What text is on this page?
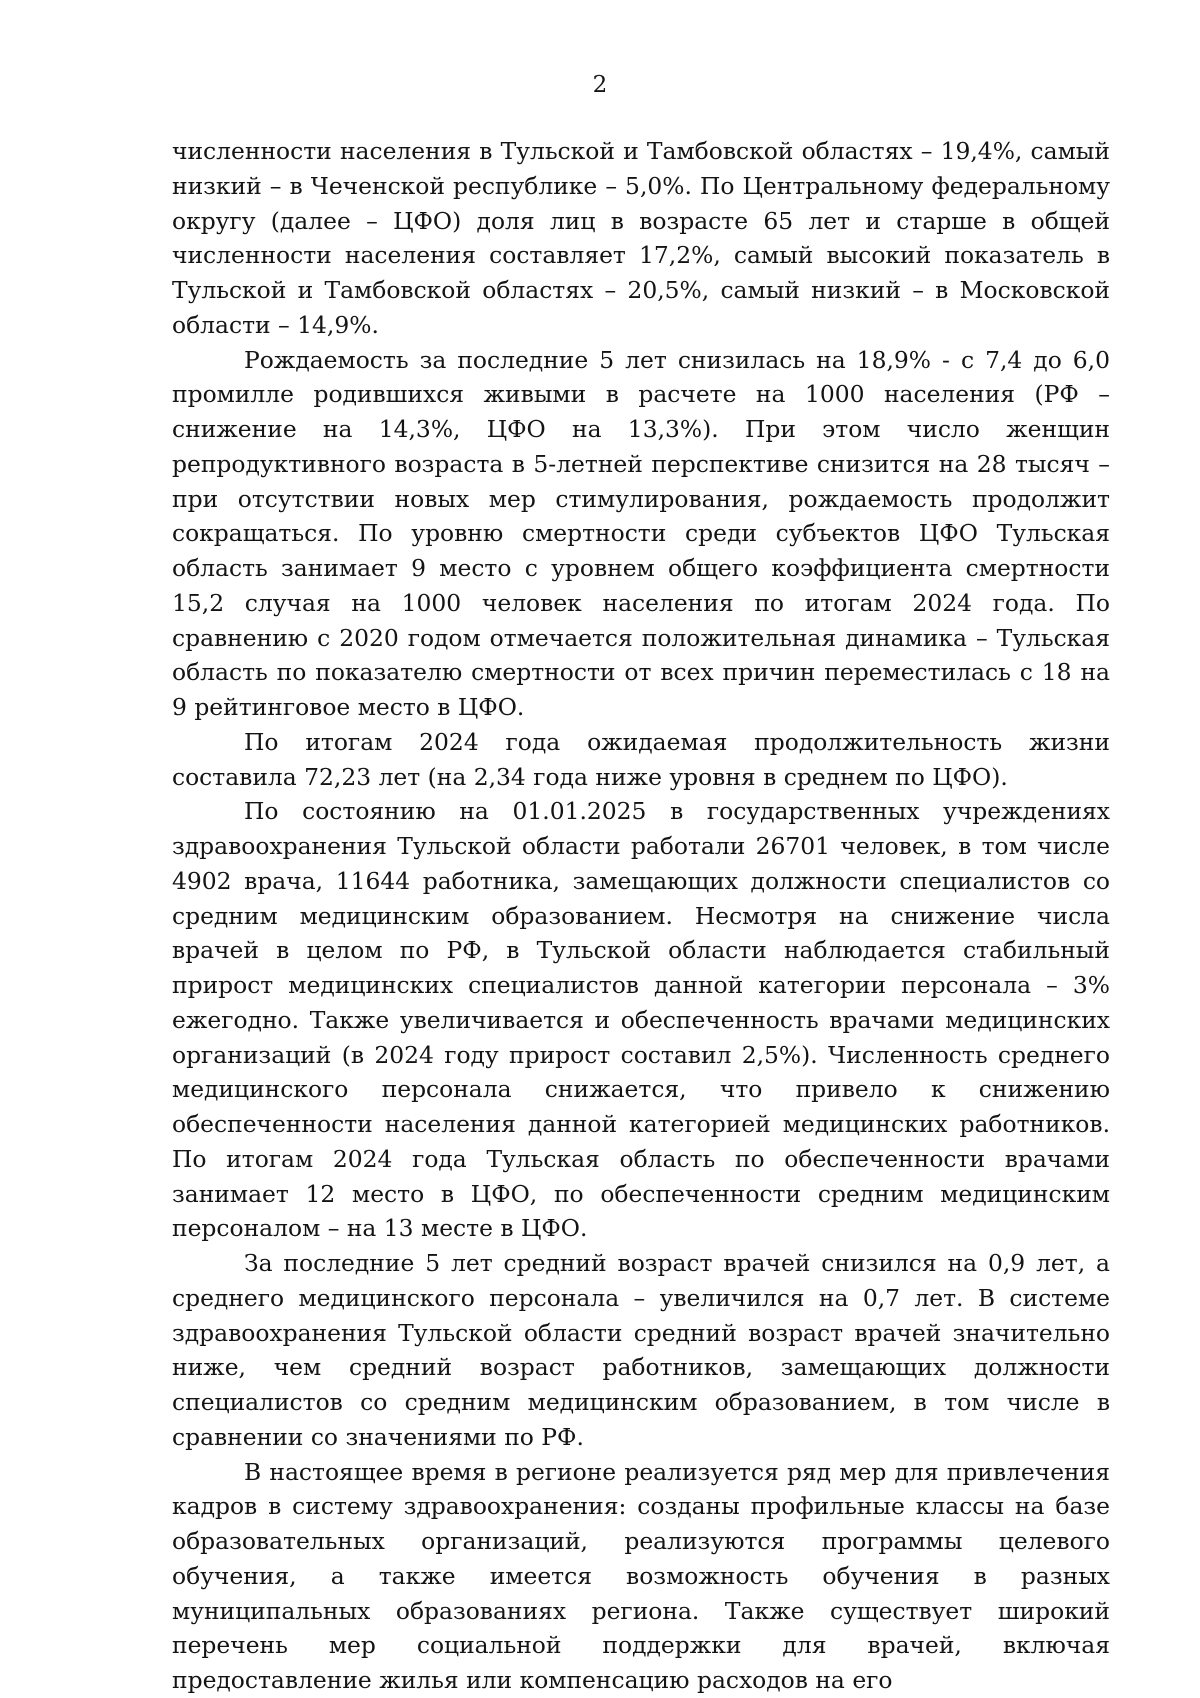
2

численности населения в Тульской и Тамбовской областях – 19,4%, самый низкий – в Чеченской республике – 5,0%. По Центральному федеральному округу (далее – ЦФО) доля лиц в возрасте 65 лет и старше в общей численности населения составляет 17,2%, самый высокий показатель в Тульской и Тамбовской областях – 20,5%, самый низкий – в Московской области – 14,9%.

Рождаемость за последние 5 лет снизилась на 18,9% - с 7,4 до 6,0 промилле родившихся живыми в расчете на 1000 населения (РФ – снижение на 14,3%, ЦФО на 13,3%). При этом число женщин репродуктивного возраста в 5-летней перспективе снизится на 28 тысяч – при отсутствии новых мер стимулирования, рождаемость продолжит сокращаться. По уровню смертности среди субъектов ЦФО Тульская область занимает 9 место с уровнем общего коэффициента смертности 15,2 случая на 1000 человек населения по итогам 2024 года. По сравнению с 2020 годом отмечается положительная динамика – Тульская область по показателю смертности от всех причин переместилась с 18 на 9 рейтинговое место в ЦФО.

По итогам 2024 года ожидаемая продолжительность жизни составила 72,23 лет (на 2,34 года ниже уровня в среднем по ЦФО).

По состоянию на 01.01.2025 в государственных учреждениях здравоохранения Тульской области работали 26701 человек, в том числе 4902 врача, 11644 работника, замещающих должности специалистов со средним медицинским образованием. Несмотря на снижение числа врачей в целом по РФ, в Тульской области наблюдается стабильный прирост медицинских специалистов данной категории персонала – 3% ежегодно. Также увеличивается и обеспеченность врачами медицинских организаций (в 2024 году прирост составил 2,5%). Численность среднего медицинского персонала снижается, что привело к снижению обеспеченности населения данной категорией медицинских работников. По итогам 2024 года Тульская область по обеспеченности врачами занимает 12 место в ЦФО, по обеспеченности средним медицинским персоналом – на 13 месте в ЦФО.

За последние 5 лет средний возраст врачей снизился на 0,9 лет, а среднего медицинского персонала – увеличился на 0,7 лет. В системе здравоохранения Тульской области средний возраст врачей значительно ниже, чем средний возраст работников, замещающих должности специалистов со средним медицинским образованием, в том числе в сравнении со значениями по РФ.

В настоящее время в регионе реализуется ряд мер для привлечения кадров в систему здравоохранения: созданы профильные классы на базе образовательных организаций, реализуются программы целевого обучения, а также имеется возможность обучения в разных муниципальных образованиях региона. Также существует широкий перечень мер социальной поддержки для врачей, включая предоставление жилья или компенсацию расходов на его
